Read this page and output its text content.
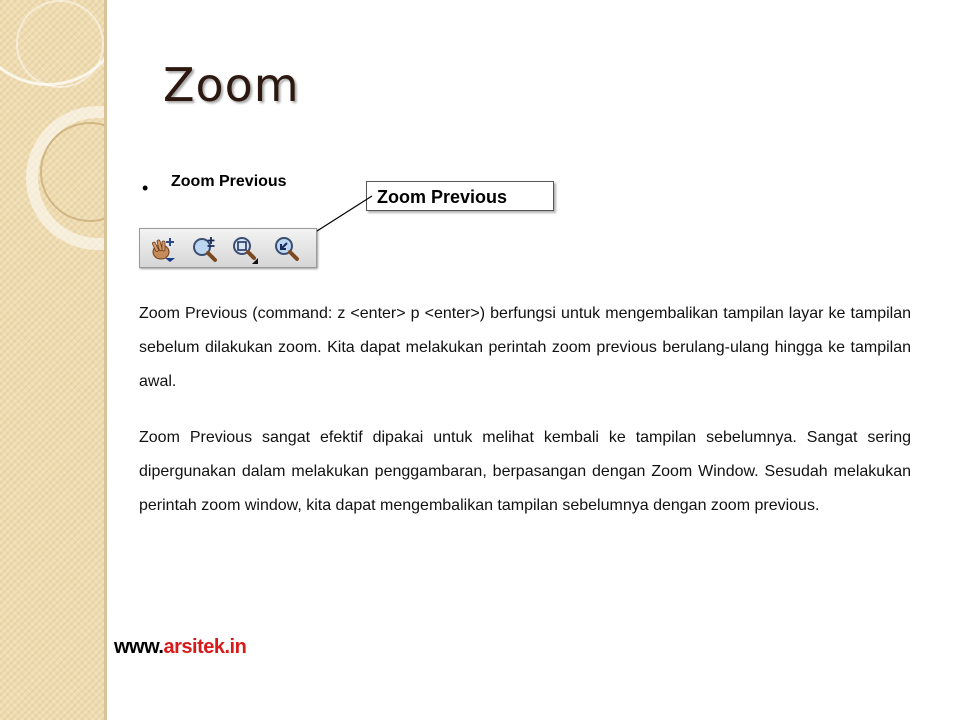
Zoom
• Zoom Previous
Zoom Previous

Zoom Previous (command: z <enter> p <enter>) berfungsi untuk mengembalikan tampilan layar ke tampilan sebelum dilakukan zoom. Kita dapat melakukan perintah zoom previous berulang-ulang hingga ke tampilan awal.

Zoom Previous sangat efektif dipakai untuk melihat kembali ke tampilan sebelumnya. Sangat sering dipergunakan dalam melakukan penggambaran, berpasangan dengan Zoom Window. Sesudah melakukan perintah zoom window, kita dapat mengembalikan tampilan sebelumnya dengan zoom previous.

www.arsitek.in
